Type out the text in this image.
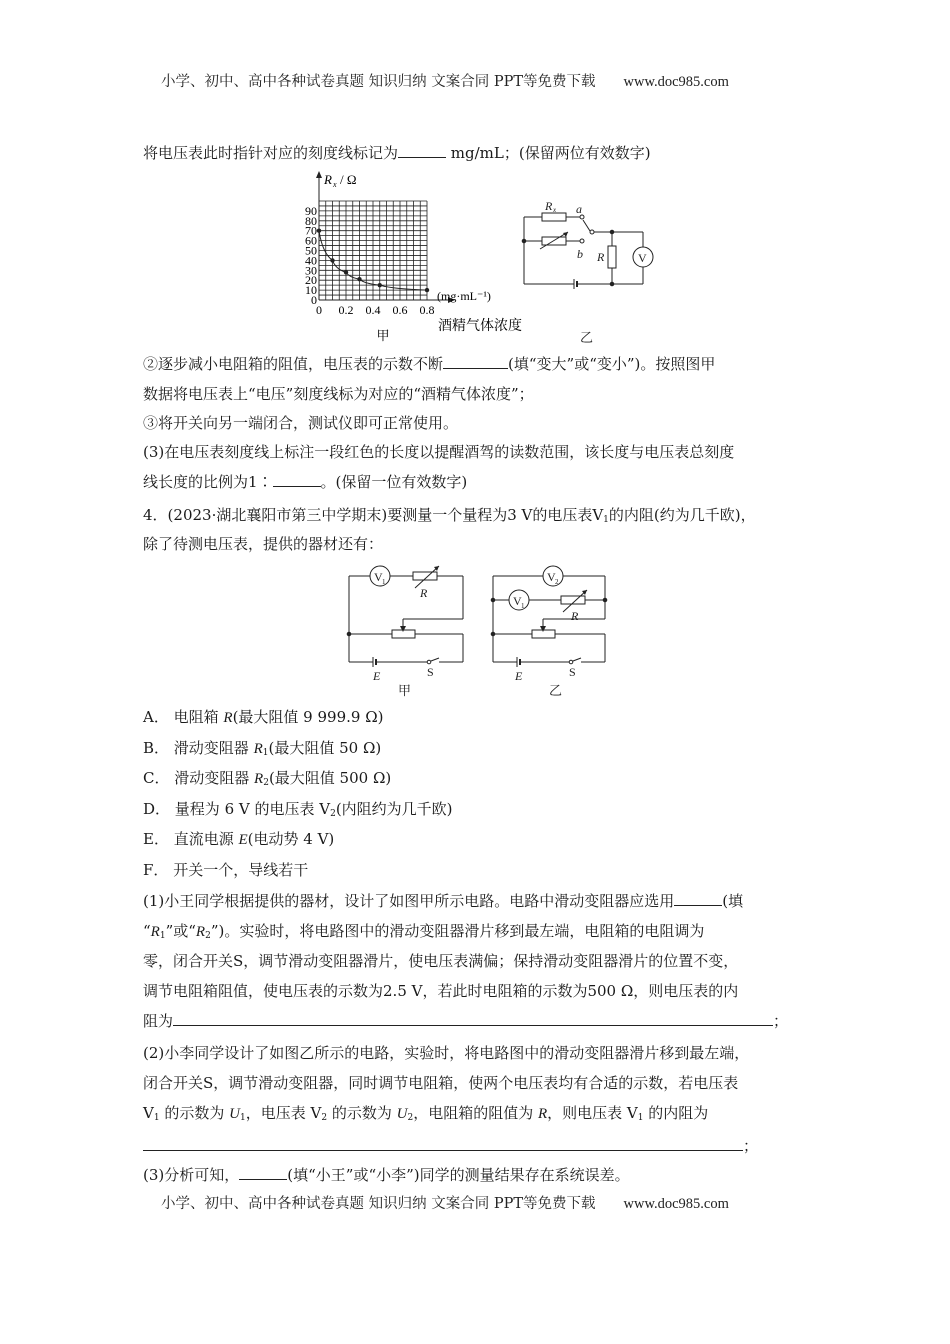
小学、初中、高中各种试卷真题 知识归纳 文案合同 PPT等免费下载 www.doc985.com
将电压表此时指针对应的刻度线标记为	mg/mL；(保留两位有效数字)
R x / Ω
0
10
20
30
40
50
60
70
80
90
0 0.2 0.4 0.6 0.8
(mg·mL⁻¹)
酒精气体浓度
甲
R x a
b R	V
乙
②逐步减小电阻箱的阻值，电压表的示数不断	(填“变大”或“变小”)。按照图甲
数据将电压表上“电压”刻度线标为对应的“酒精气体浓度”；
③将开关向另一端闭合，测试仪即可正常使用。
(3)在电压表刻度线上标注一段红色的长度以提醒酒驾的读数范围，该长度与电压表总刻度
线长度的比例为1∶	。(保留一位有效数字)
4．(2023·湖北襄阳市第三中学期末)要测量一个量程为3 V的电压表$V_1$的内阻(约为几千欧)，
除了待测电压表，提供的器材还有：
V 1
R
E	S
甲
V 2
V 1
R
E	S
乙
A． 电阻箱 R(最大阻值 9 999.9 Ω)
B． 滑动变阻器 $R_1$(最大阻值 50 Ω)
C． 滑动变阻器 $R_2$(最大阻值 500 Ω)
D． 量程为 6 V 的电压表 $V_2$(内阻约为几千欧)
E． 直流电源 E(电动势 4 V)
F． 开关一个，导线若干
(1)小王同学根据提供的器材，设计了如图甲所示电路。电路中滑动变阻器应选用	(填
“$R_1$”或“$R_2$”)。实验时，将电路图中的滑动变阻器滑片移到最左端，电阻箱的电阻调为
零，闭合开关S，调节滑动变阻器滑片，使电压表满偏；保持滑动变阻器滑片的位置不变，
调节电阻箱阻值，使电压表的示数为2.5 V，若此时电阻箱的示数为500 Ω，则电压表的内
阻为	；
(2)小李同学设计了如图乙所示的电路，实验时，将电路图中的滑动变阻器滑片移到最左端，
闭合开关S，调节滑动变阻器，同时调节电阻箱，使两个电压表均有合适的示数，若电压表
$V_1$ 的示数为 $U_1$，电压表 $V_2$ 的示数为 $U_2$，电阻箱的阻值为 R，则电压表 $V_1$ 的内阻为
；
(3)分析可知，	(填“小王”或“小李”)同学的测量结果存在系统误差。
小学、初中、高中各种试卷真题 知识归纳 文案合同 PPT等免费下载 www.doc985.com
